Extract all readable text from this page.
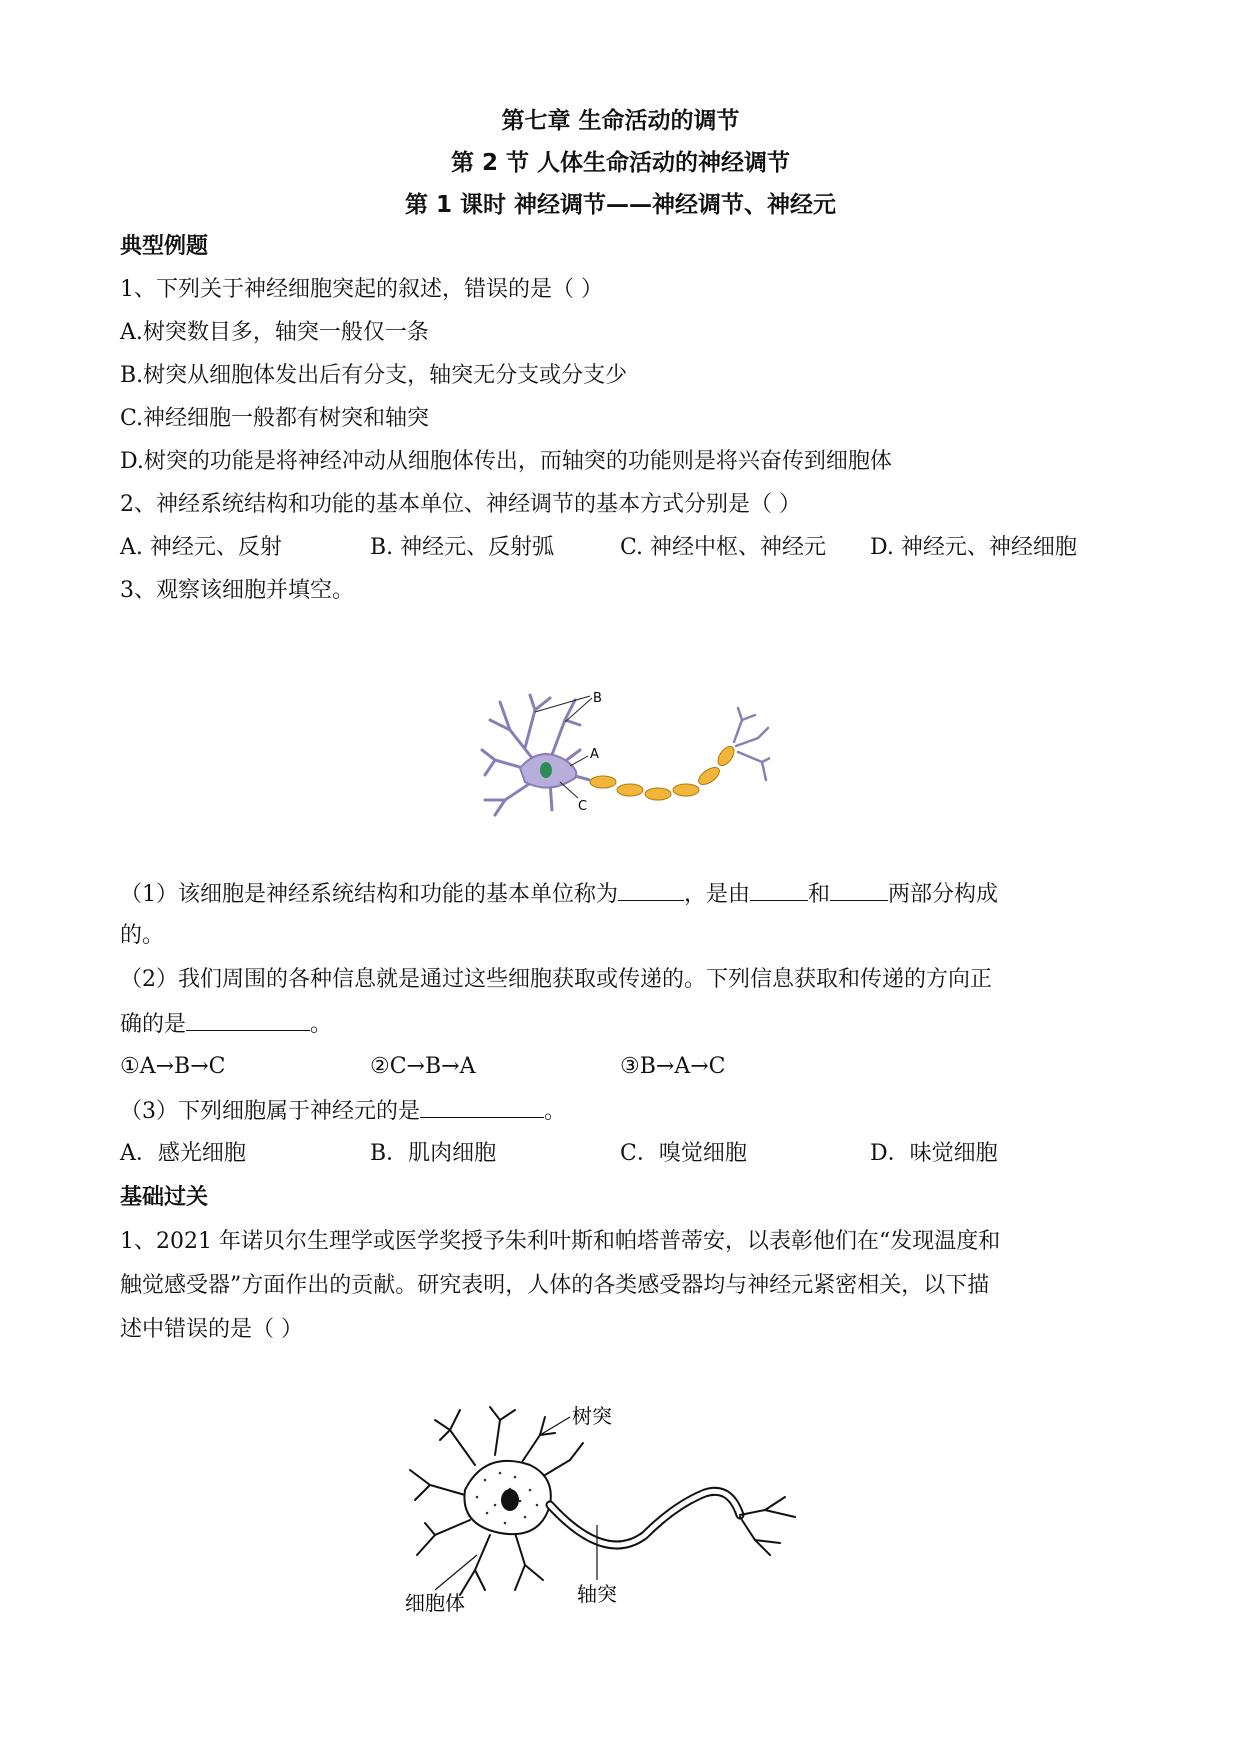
第七章 生命活动的调节
第 2 节 人体生命活动的神经调节
第 1 课时 神经调节——神经调节、神经元
典型例题
1、下列关于神经细胞突起的叙述，错误的是（ ）
A.树突数目多，轴突一般仅一条
B.树突从细胞体发出后有分支，轴突无分支或分支少
C.神经细胞一般都有树突和轴突
D.树突的功能是将神经冲动从细胞体传出，而轴突的功能则是将兴奋传到细胞体
2、神经系统结构和功能的基本单位、神经调节的基本方式分别是（ ）
A. 神经元、反射	B. 神经元、反射弧	C. 神经中枢、神经元 D. 神经元、神经细胞
3、观察该细胞并填空。
B
A
C
（1）该细胞是神经系统结构和功能的基本单位称为	，是由	和	两部分构成
的。
（2）我们周围的各种信息就是通过这些细胞获取或传递的。下列信息获取和传递的方向正
确的是	。
①A→B→C	②C→B→A	③B→A→C
（3）下列细胞属于神经元的是	。
A．感光细胞	B．肌肉细胞	C．嗅觉细胞	D．味觉细胞
基础过关
1、2021 年诺贝尔生理学或医学奖授予朱利叶斯和帕塔普蒂安，以表彰他们在“发现温度和
触觉感受器”方面作出的贡献。研究表明，人体的各类感受器均与神经元紧密相关，以下描
述中错误的是（ ）
树突
细胞体	轴突
